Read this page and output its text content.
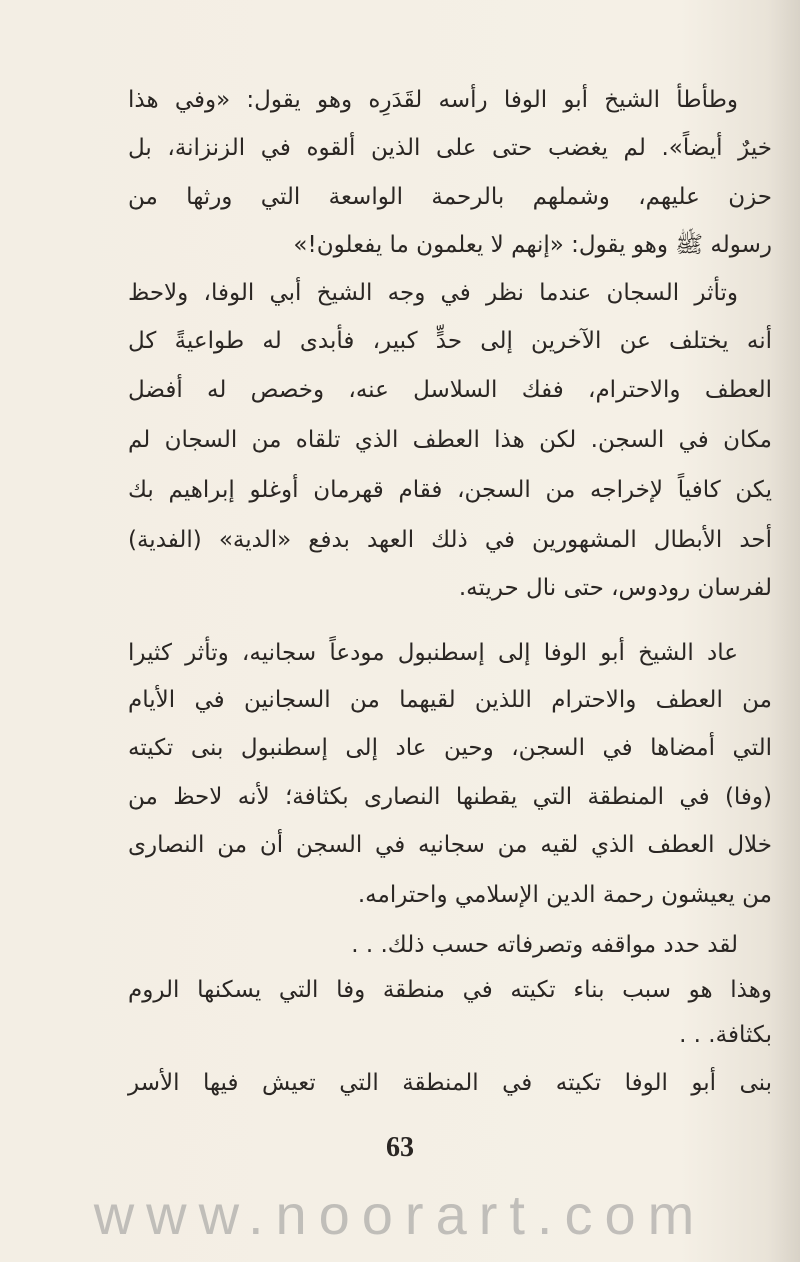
وطأطأ الشيخ أبو الوفا رأسه لقَدَرِه وهو يقول: «وفي هذا
خيرٌ أيضاً». لم يغضب حتى على الذين ألقوه في الزنزانة، بل
حزن عليهم، وشملهم بالرحمة الواسعة التي ورثها من
رسوله ﷺ وهو يقول: «إنهم لا يعلمون ما يفعلون!»
وتأثر السجان عندما نظر في وجه الشيخ أبي الوفا، ولاحظ
أنه يختلف عن الآخرين إلى حدٍّ كبير، فأبدى له طواعيةً كل
العطف والاحترام، ففك السلاسل عنه، وخصص له أفضل
مكان في السجن. لكن هذا العطف الذي تلقاه من السجان لم
يكن كافياً لإخراجه من السجن، فقام قهرمان أوغلو إبراهيم بك
أحد الأبطال المشهورين في ذلك العهد بدفع «الدية» (الفدية)
لفرسان رودوس، حتى نال حريته.
عاد الشيخ أبو الوفا إلى إسطنبول مودعاً سجانيه، وتأثر كثيرا
من العطف والاحترام اللذين لقيهما من السجانين في الأيام
التي أمضاها في السجن، وحين عاد إلى إسطنبول بنى تكيته
(وفا) في المنطقة التي يقطنها النصارى بكثافة؛ لأنه لاحظ من
خلال العطف الذي لقيه من سجانيه في السجن أن من النصارى
من يعيشون رحمة الدين الإسلامي واحترامه.
لقد حدد مواقفه وتصرفاته حسب ذلك. . .
وهذا هو سبب بناء تكيته في منطقة وفا التي يسكنها الروم
بكثافة. . .
بنى أبو الوفا تكيته في المنطقة التي تعيش فيها الأسر
63
www.noorart.com
